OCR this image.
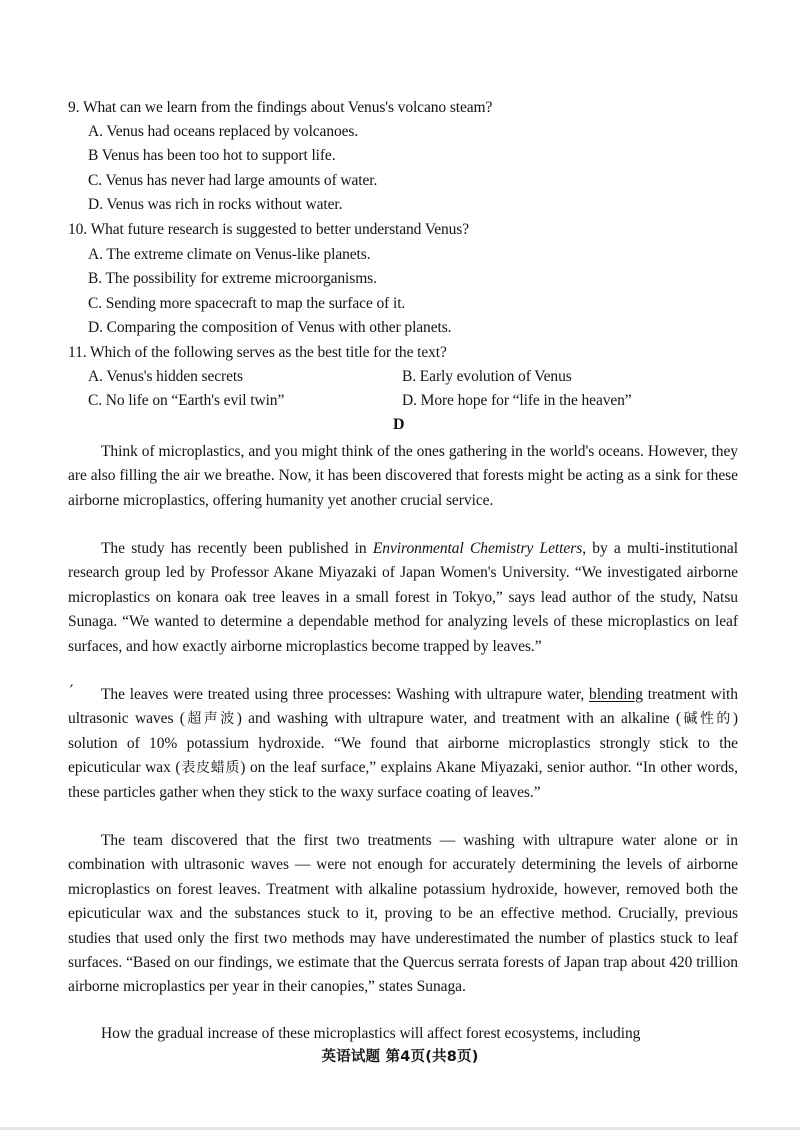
9. What can we learn from the findings about Venus's volcano steam?
A. Venus had oceans replaced by volcanoes.
B Venus has been too hot to support life.
C. Venus has never had large amounts of water.
D. Venus was rich in rocks without water.
10. What future research is suggested to better understand Venus?
A. The extreme climate on Venus-like planets.
B. The possibility for extreme microorganisms.
C. Sending more spacecraft to map the surface of it.
D. Comparing the composition of Venus with other planets.
11. Which of the following serves as the best title for the text?
A. Venus's hidden secrets	B. Early evolution of Venus
C. No life on “Earth's evil twin”	D. More hope for “life in the heaven”
D
Think of microplastics, and you might think of the ones gathering in the world's oceans. However, they are also filling the air we breathe. Now, it has been discovered that forests might be acting as a sink for these airborne microplastics, offering humanity yet another crucial service.
The study has recently been published in Environmental Chemistry Letters, by a multi-institutional research group led by Professor Akane Miyazaki of Japan Women's University. “We investigated airborne microplastics on konara oak tree leaves in a small forest in Tokyo,” says lead author of the study, Natsu Sunaga. “We wanted to determine a dependable method for analyzing levels of these microplastics on leaf surfaces, and how exactly airborne microplastics become trapped by leaves.”
′	The leaves were treated using three processes: Washing with ultrapure water, blending treatment with ultrasonic waves (超声波) and washing with ultrapure water, and treatment with an alkaline (碱性的) solution of 10% potassium hydroxide. “We found that airborne microplastics strongly stick to the epicuticular wax (表皮蜡质) on the leaf surface,” explains Akane Miyazaki, senior author. “In other words, these particles gather when they stick to the waxy surface coating of leaves.”
The team discovered that the first two treatments — washing with ultrapure water alone or in combination with ultrasonic waves — were not enough for accurately determining the levels of airborne microplastics on forest leaves. Treatment with alkaline potassium hydroxide, however, removed both the epicuticular wax and the substances stuck to it, proving to be an effective method. Crucially, previous studies that used only the first two methods may have underestimated the number of plastics stuck to leaf surfaces. “Based on our findings, we estimate that the Quercus serrata forests of Japan trap about 420 trillion airborne microplastics per year in their canopies,” states Sunaga.
How the gradual increase of these microplastics will affect forest ecosystems, including
英语试题 第4页(共8页)
